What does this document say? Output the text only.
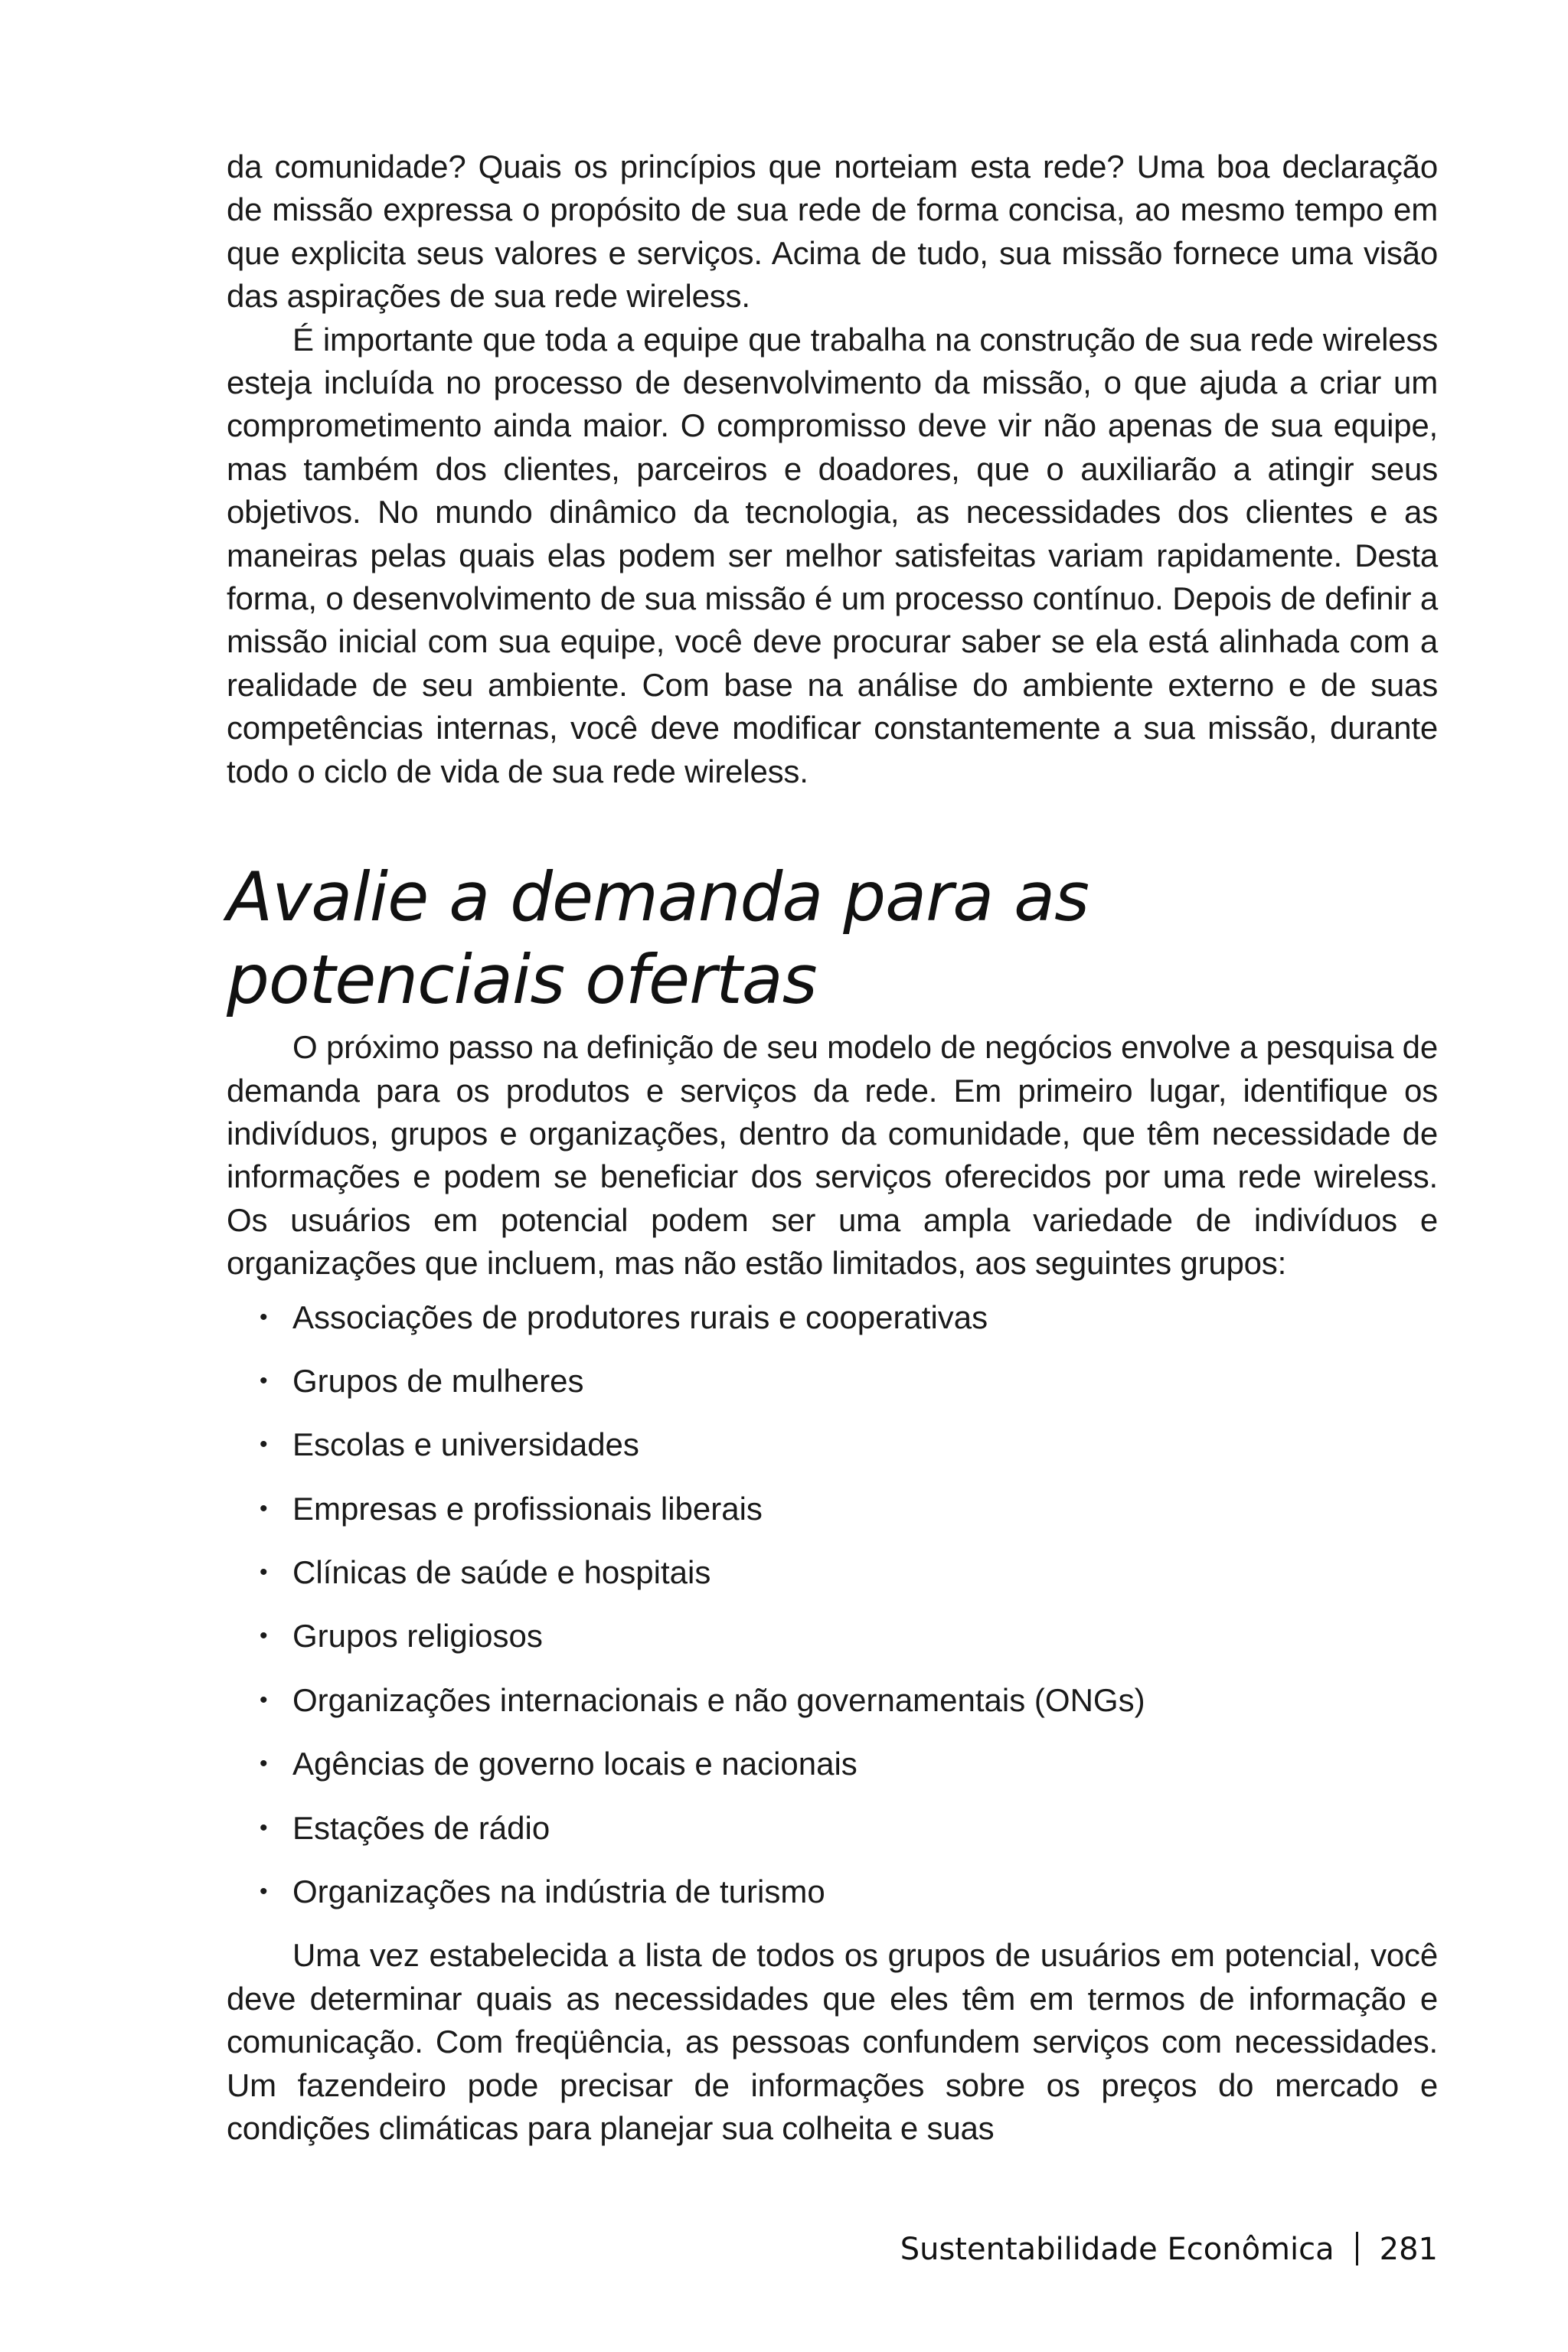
da comunidade? Quais os princípios que norteiam esta rede? Uma boa declaração de missão expressa o propósito de sua rede de forma concisa, ao mesmo tempo em que explicita seus valores e serviços. Acima de tudo, sua missão fornece uma visão das aspirações de sua rede wireless.

É importante que toda a equipe que trabalha na construção de sua rede wireless esteja incluída no processo de desenvolvimento da missão, o que ajuda a criar um comprometimento ainda maior. O compromisso deve vir não apenas de sua equipe, mas também dos clientes, parceiros e doadores, que o auxiliarão a atingir seus objetivos. No mundo dinâmico da tecnologia, as necessidades dos clientes e as maneiras pelas quais elas podem ser melhor satisfeitas variam rapidamente. Desta forma, o desenvolvimento de sua missão é um processo contínuo. Depois de definir a missão inicial com sua equipe, você deve procurar saber se ela está alinhada com a realidade de seu ambiente. Com base na análise do ambiente externo e de suas competências internas, você deve modificar constantemente a sua missão, durante todo o ciclo de vida de sua rede wireless.

Avalie a demanda para as
potenciais ofertas

O próximo passo na definição de seu modelo de negócios envolve a pesquisa de demanda para os produtos e serviços da rede. Em primeiro lugar, identifique os indivíduos, grupos e organizações, dentro da comunidade, que têm necessidade de informações e podem se beneficiar dos serviços oferecidos por uma rede wireless. Os usuários em potencial podem ser uma ampla variedade de indivíduos e organizações que incluem, mas não estão limitados, aos seguintes grupos:

• Associações de produtores rurais e cooperativas
• Grupos de mulheres
• Escolas e universidades
• Empresas e profissionais liberais
• Clínicas de saúde e hospitais
• Grupos religiosos
• Organizações internacionais e não governamentais (ONGs)
• Agências de governo locais e nacionais
• Estações de rádio
• Organizações na indústria de turismo

Uma vez estabelecida a lista de todos os grupos de usuários em potencial, você deve determinar quais as necessidades que eles têm em termos de informação e comunicação. Com freqüência, as pessoas confundem serviços com necessidades. Um fazendeiro pode precisar de informações sobre os preços do mercado e condições climáticas para planejar sua colheita e suas

Sustentabilidade Econômica 281
